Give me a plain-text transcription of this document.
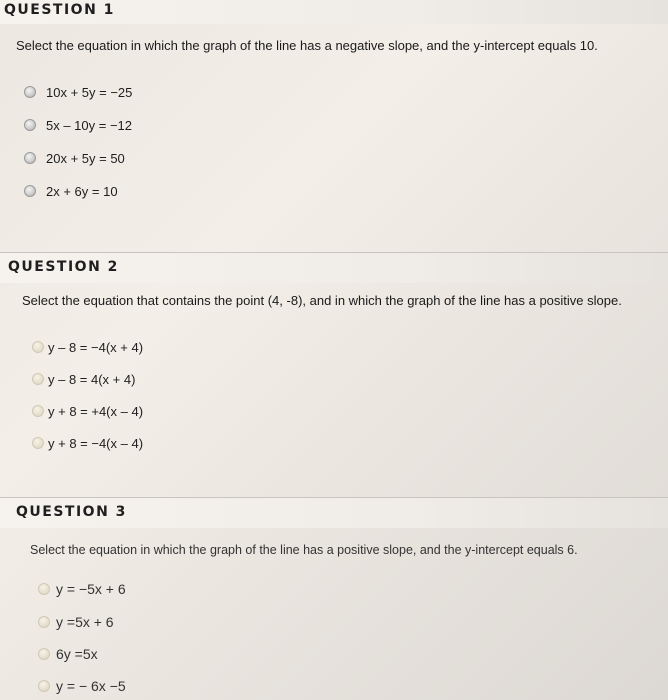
QUESTION 1
Select the equation in which the graph of the line has a negative slope, and the y-intercept equals 10.
10x + 5y = −25
5x – 10y = −12
20x + 5y = 50
2x + 6y = 10
QUESTION 2
Select the equation that contains the point (4, -8), and in which the graph of the line has a positive slope.
y – 8 = −4(x + 4)
y – 8 = 4(x + 4)
y + 8 = +4(x – 4)
y + 8 = −4(x – 4)
QUESTION 3
Select the equation in which the graph of the line has a positive slope, and the y-intercept equals 6.
y = −5x + 6
y =5x + 6
6y =5x
y = − 6x −5
